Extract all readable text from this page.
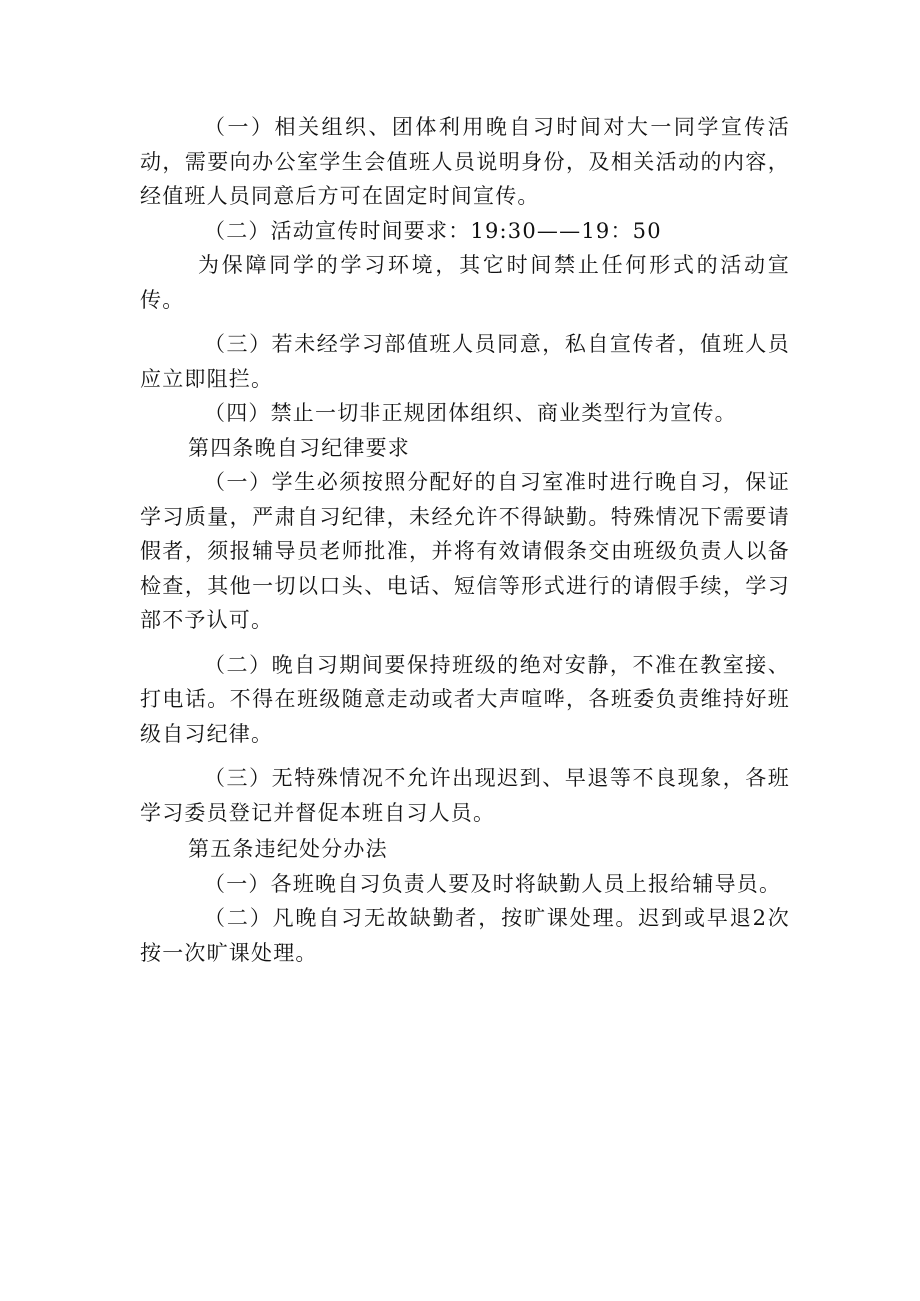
（一）相关组织、团体利用晚自习时间对大一同学宣传活动，需要向办公室学生会值班人员说明身份，及相关活动的内容，经值班人员同意后方可在固定时间宣传。

（二）活动宣传时间要求：19:30——19：50

为保障同学的学习环境，其它时间禁止任何形式的活动宣传。

（三）若未经学习部值班人员同意，私自宣传者，值班人员应立即阻拦。

（四）禁止一切非正规团体组织、商业类型行为宣传。

第四条晚自习纪律要求

（一）学生必须按照分配好的自习室准时进行晚自习，保证学习质量，严肃自习纪律，未经允许不得缺勤。特殊情况下需要请假者，须报辅导员老师批准，并将有效请假条交由班级负责人以备检查，其他一切以口头、电话、短信等形式进行的请假手续，学习部不予认可。

（二）晚自习期间要保持班级的绝对安静，不准在教室接、打电话。不得在班级随意走动或者大声喧哗，各班委负责维持好班级自习纪律。

（三）无特殊情况不允许出现迟到、早退等不良现象，各班学习委员登记并督促本班自习人员。

第五条违纪处分办法

（一）各班晚自习负责人要及时将缺勤人员上报给辅导员。

（二）凡晚自习无故缺勤者，按旷课处理。迟到或早退2次按一次旷课处理。
